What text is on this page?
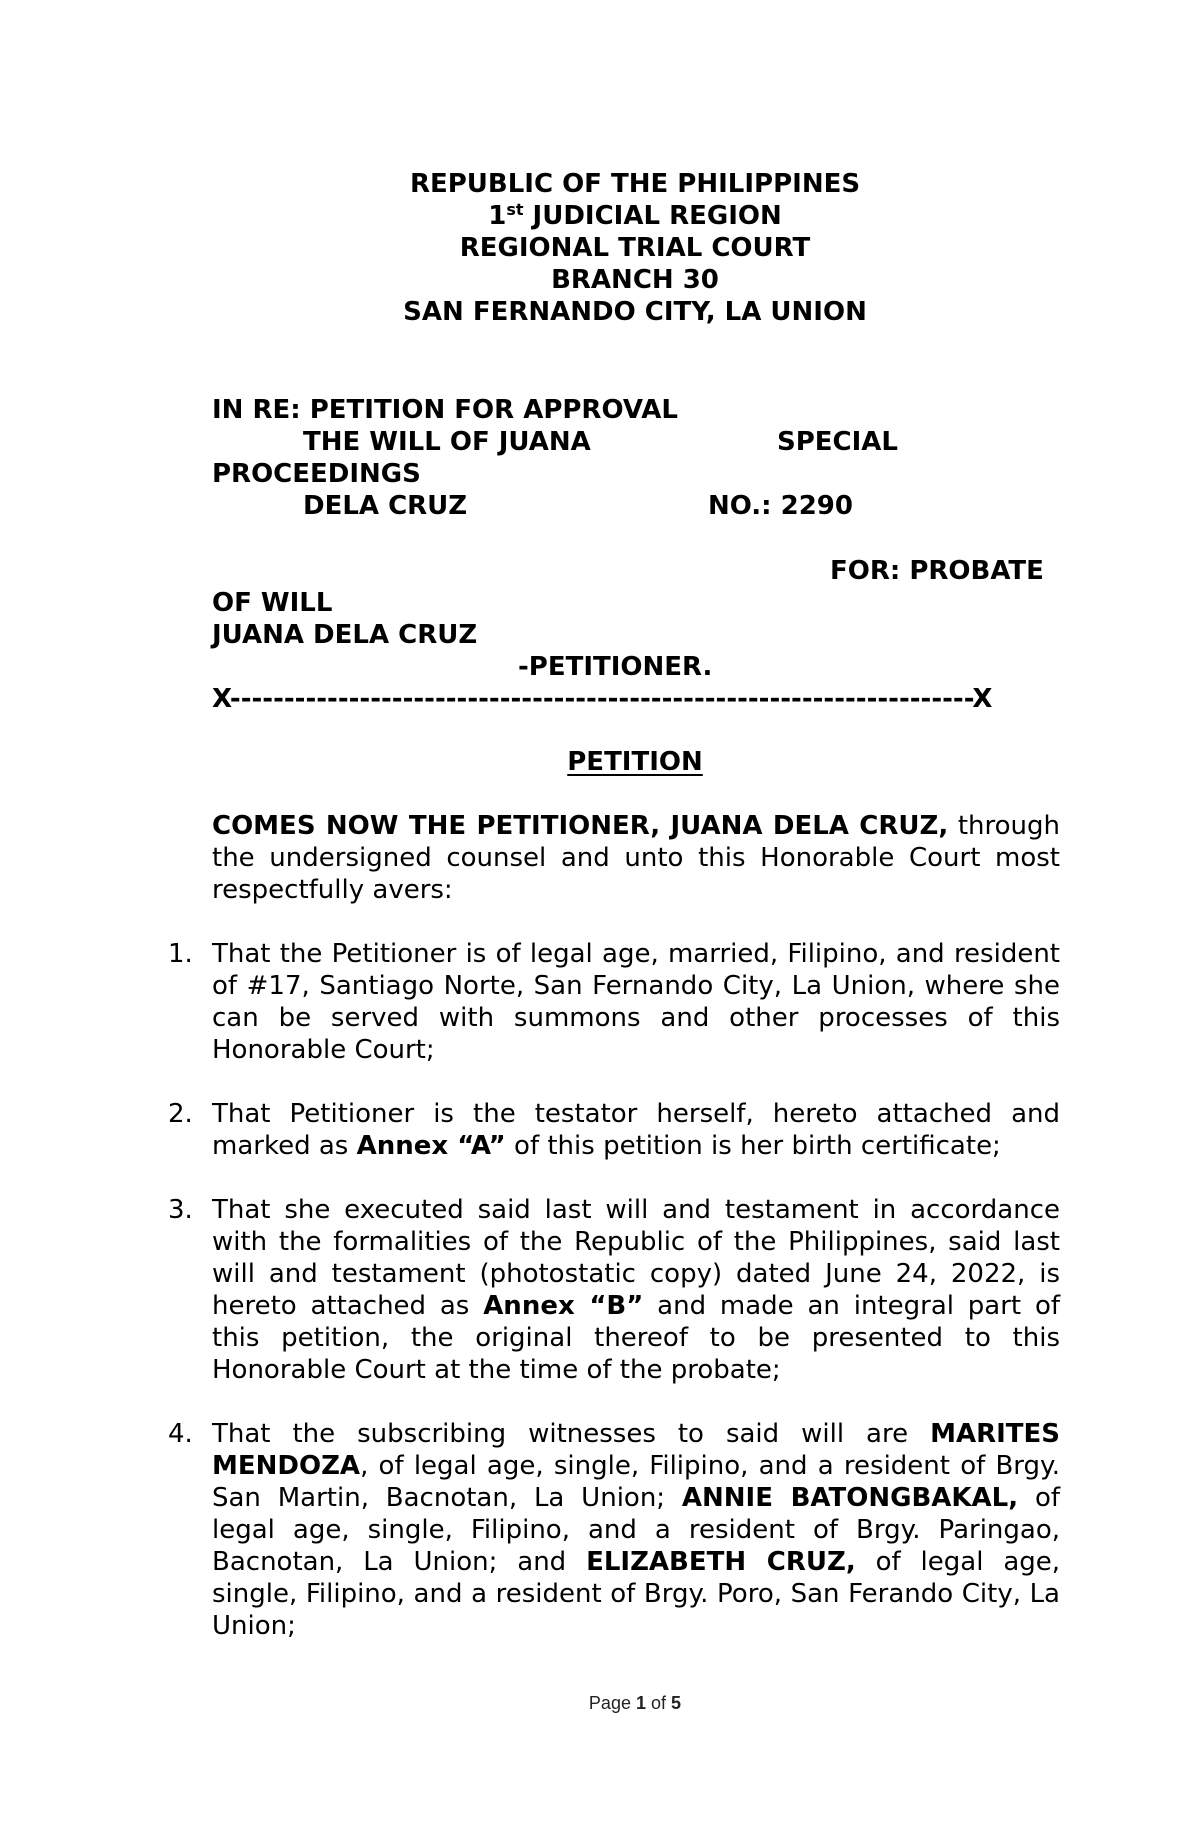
REPUBLIC OF THE PHILIPPINES
1st JUDICIAL REGION
REGIONAL TRIAL COURT
BRANCH 30
SAN FERNANDO CITY, LA UNION
IN RE: PETITION FOR APPROVAL
THE WILL OF JUANA	SPECIAL
PROCEEDINGS
DELA CRUZ	NO.: 2290
FOR: PROBATE
OF WILL
JUANA DELA CRUZ
-PETITIONER.
X---------------------------------------------------------------------X
PETITION
COMES NOW THE PETITIONER, JUANA DELA CRUZ, through the undersigned counsel and unto this Honorable Court most respectfully avers:
1. That the Petitioner is of legal age, married, Filipino, and resident of #17, Santiago Norte, San Fernando City, La Union, where she can be served with summons and other processes of this Honorable Court;
2. That Petitioner is the testator herself, hereto attached and marked as Annex “A” of this petition is her birth certificate;
3. That she executed said last will and testament in accordance with the formalities of the Republic of the Philippines, said last will and testament (photostatic copy) dated June 24, 2022, is hereto attached as Annex “B” and made an integral part of this petition, the original thereof to be presented to this Honorable Court at the time of the probate;
4. That the subscribing witnesses to said will are MARITES MENDOZA, of legal age, single, Filipino, and a resident of Brgy. San Martin, Bacnotan, La Union; ANNIE BATONGBAKAL, of legal age, single, Filipino, and a resident of Brgy. Paringao, Bacnotan, La Union; and ELIZABETH CRUZ, of legal age, single, Filipino, and a resident of Brgy. Poro, San Ferando City, La Union;
Page 1 of 5
